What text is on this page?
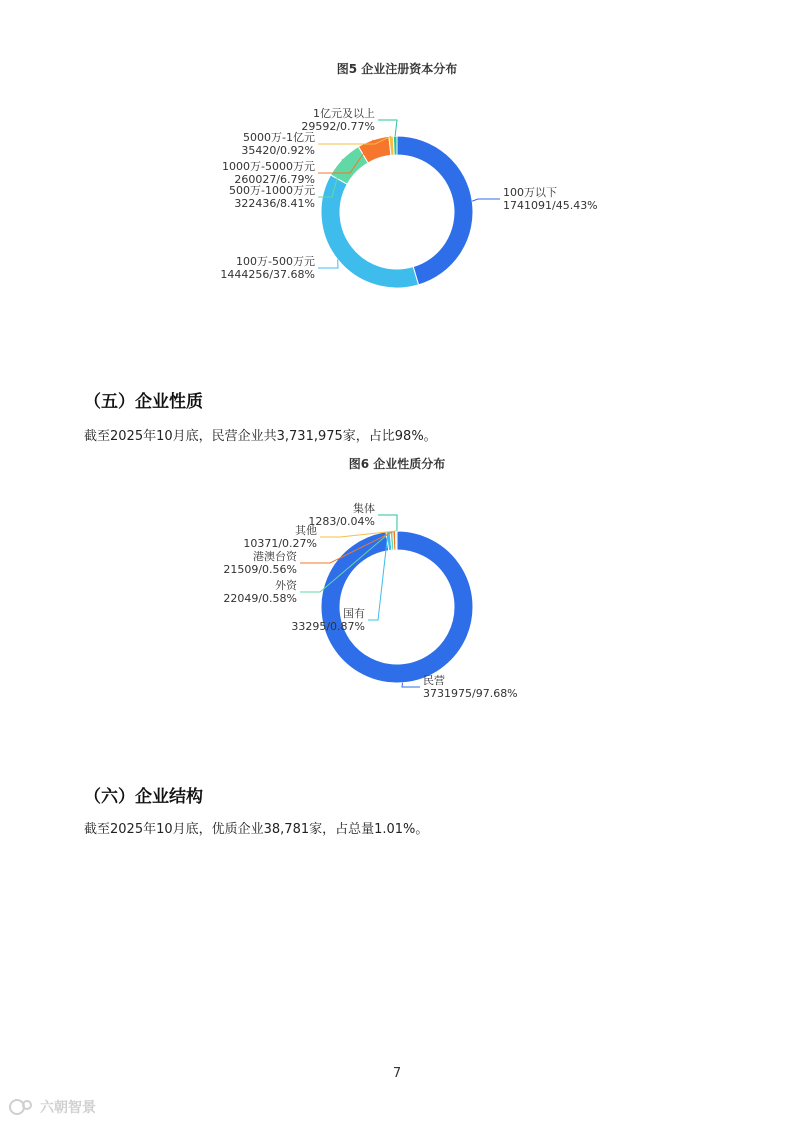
图5 企业注册资本分布
100万以下
1741091/45.43%
100万-500万元
1444256/37.68%
500万-1000万元
322436/8.41%
1000万-5000万元
260027/6.79%
5000万-1亿元
35420/0.92%
1亿元及以上
29592/0.77%
（五）企业性质
截至2025年10月底，民营企业共3,731,975家，占比98%。
图6 企业性质分布
民营
3731975/97.68%
国有
33295/0.87%
外资
22049/0.58%
港澳台资
21509/0.56%
其他
10371/0.27%
集体
1283/0.04%
（六）企业结构
截至2025年10月底，优质企业38,781家，占总量1.01%。
7
六朝智景
